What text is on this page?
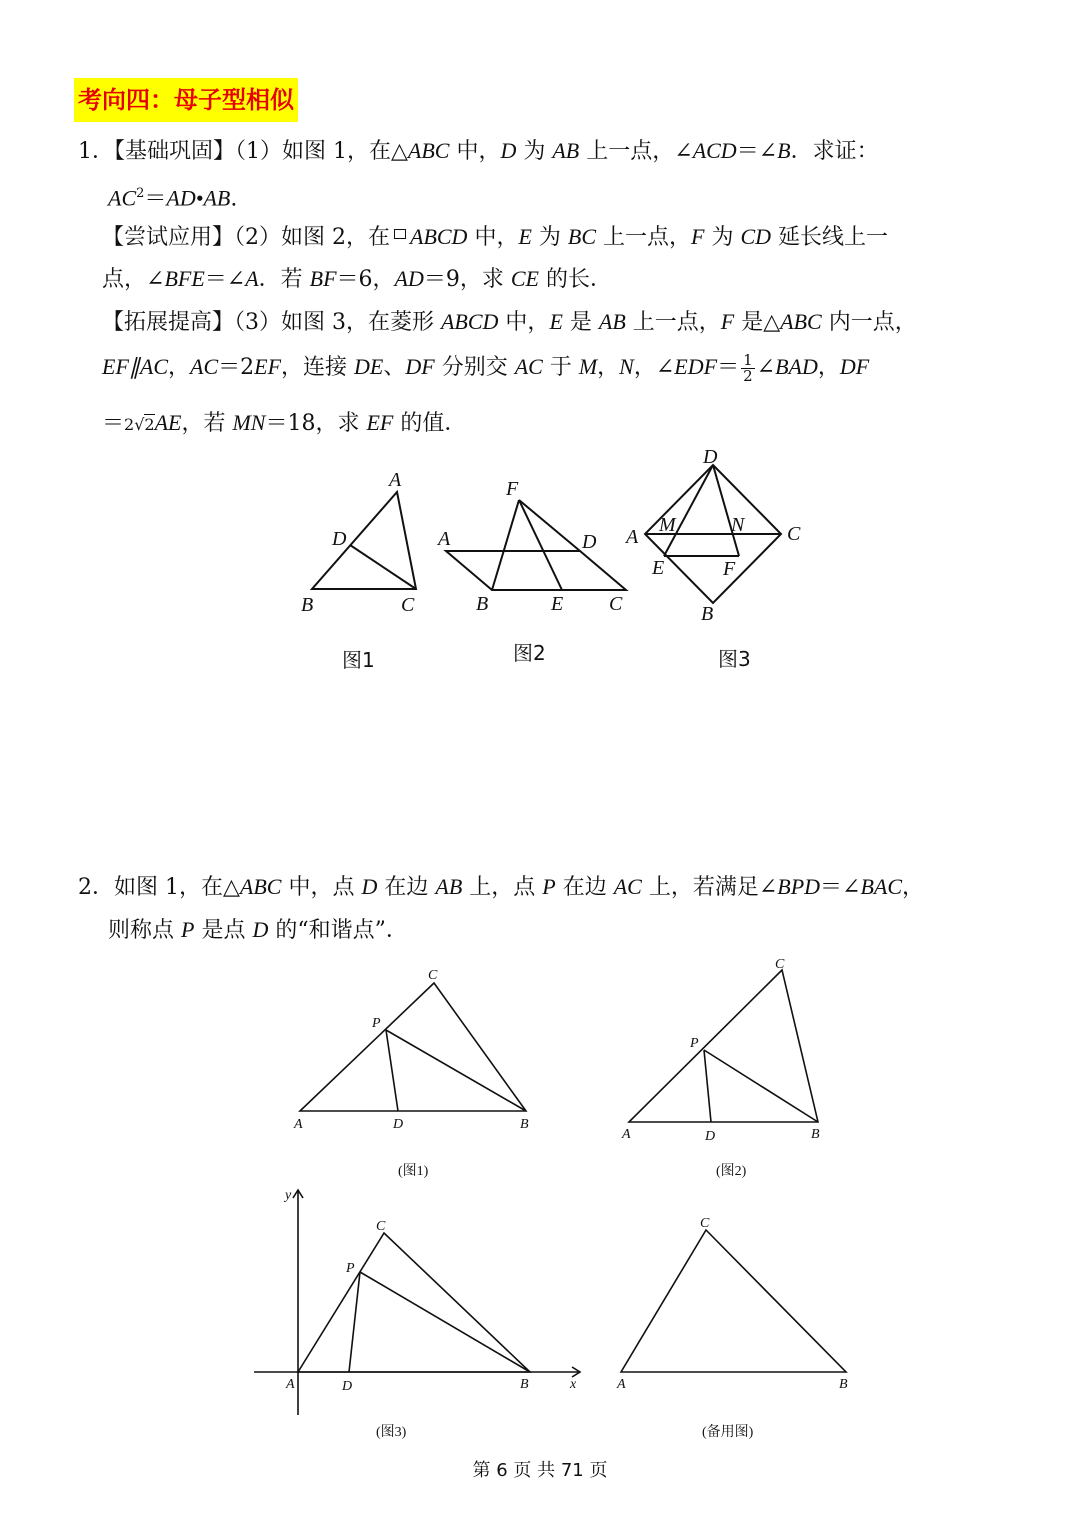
考向四：母子型相似
1．【基础巩固】（1）如图 1，在△ABC 中，D 为 AB 上一点，∠ACD＝∠B．求证：
$AC^2=AD•AB$.
【尝试应用】（2）如图 2，在 ABCD 中，E 为 BC 上一点，F 为 CD 延长线上一
点，∠BFE＝∠A．若 BF＝6，AD＝9，求 CE 的长．
【拓展提高】（3）如图 3，在菱形 ABCD 中，E 是 AB 上一点，F 是△ABC 内一点，
EF∥AC，AC＝2EF，连接 DE、DF 分别交 AC 于 M，N，∠EDF＝ $\frac{1}{2}$ ∠BAD，DF
＝2√2AE，若 MN＝18，求 EF 的值．
A
D
B	C
图1
F
A	D
B	E C
图2
D
M	N
A	C
E	F
B
图3
2．如图 1，在△ABC 中，点 D 在边 AB 上，点 P 在边 AC 上，若满足∠BPD＝∠BAC，
则称点 P 是点 D 的“和谐点”．
C
P
A	D	B
(图1)
C
P
A	D	B
(图2)
y
C
P
A	D	B	x
(图3)
C
A	B
(备用图)
第 6 页 共 71 页
